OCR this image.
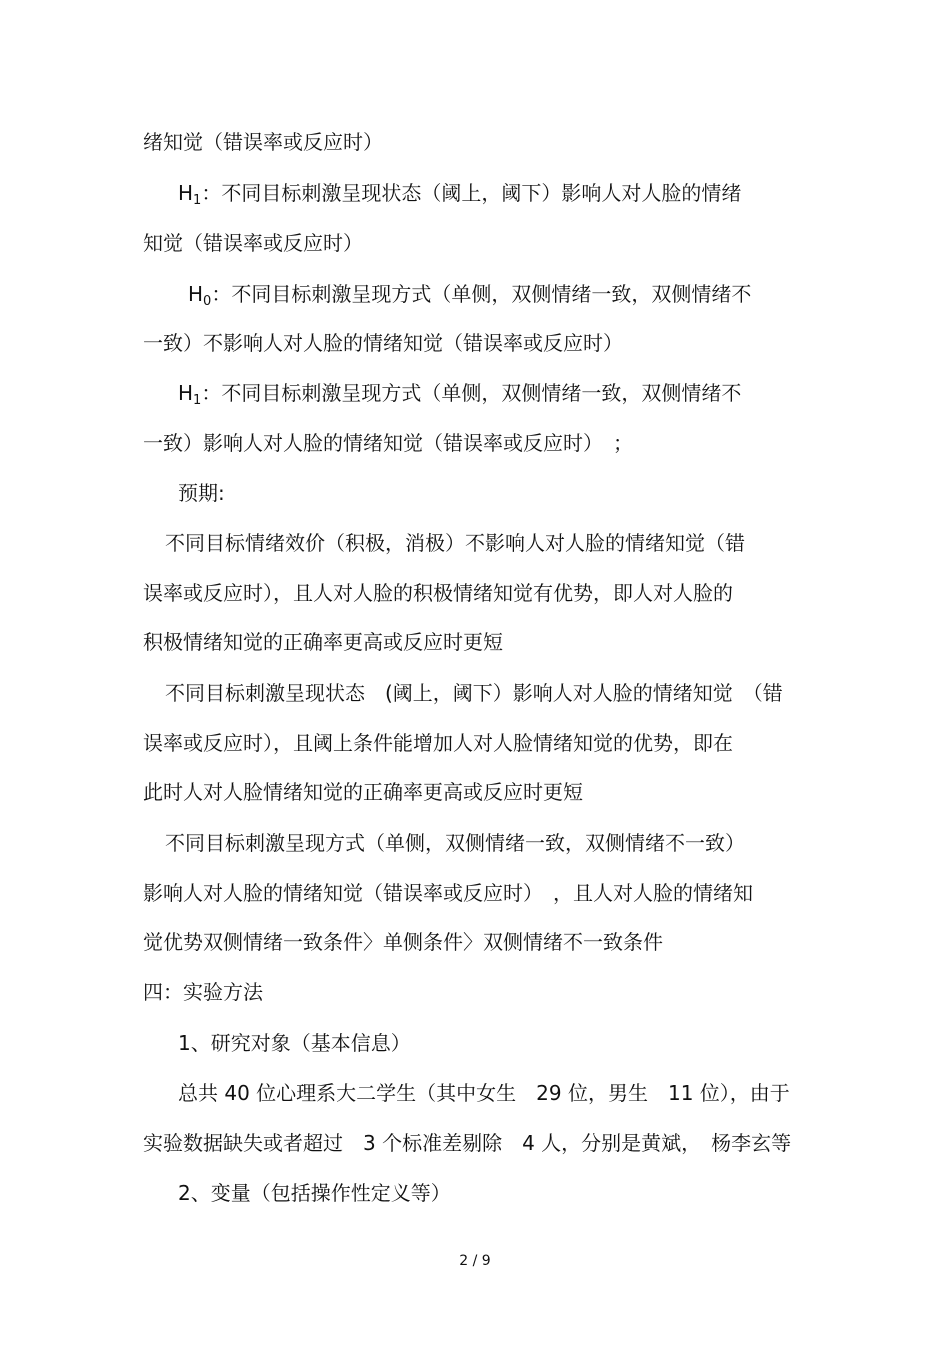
绪知觉（错误率或反应时）
$H_1$：不同目标刺激呈现状态（阈上，阈下）影响人对人脸的情绪
知觉（错误率或反应时）
$H_0$：不同目标刺激呈现方式（单侧，双侧情绪一致，双侧情绪不
一致）不影响人对人脸的情绪知觉（错误率或反应时）
$H_1$：不同目标刺激呈现方式（单侧，双侧情绪一致，双侧情绪不
一致）影响人对人脸的情绪知觉（错误率或反应时）　；
预期:
不同目标情绪效价（积极，消极）不影响人对人脸的情绪知觉（错
误率或反应时），且人对人脸的积极情绪知觉有优势，即人对人脸的
积极情绪知觉的正确率更高或反应时更短
不同目标刺激呈现状态　(阈上，阈下）影响人对人脸的情绪知觉　（错
误率或反应时），且阈上条件能增加人对人脸情绪知觉的优势，即在
此时人对人脸情绪知觉的正确率更高或反应时更短
不同目标刺激呈现方式（单侧，双侧情绪一致，双侧情绪不一致）
影响人对人脸的情绪知觉（错误率或反应时）　，且人对人脸的情绪知
觉优势双侧情绪一致条件〉单侧条件〉双侧情绪不一致条件
四：实验方法
1、研究对象（基本信息）
总共 40 位心理系大二学生（其中女生　29 位，男生　11 位），由于
实验数据缺失或者超过　3 个标准差剔除　4 人，分别是黄斌，　杨李玄等
2、变量（包括操作性定义等）
2 / 9
